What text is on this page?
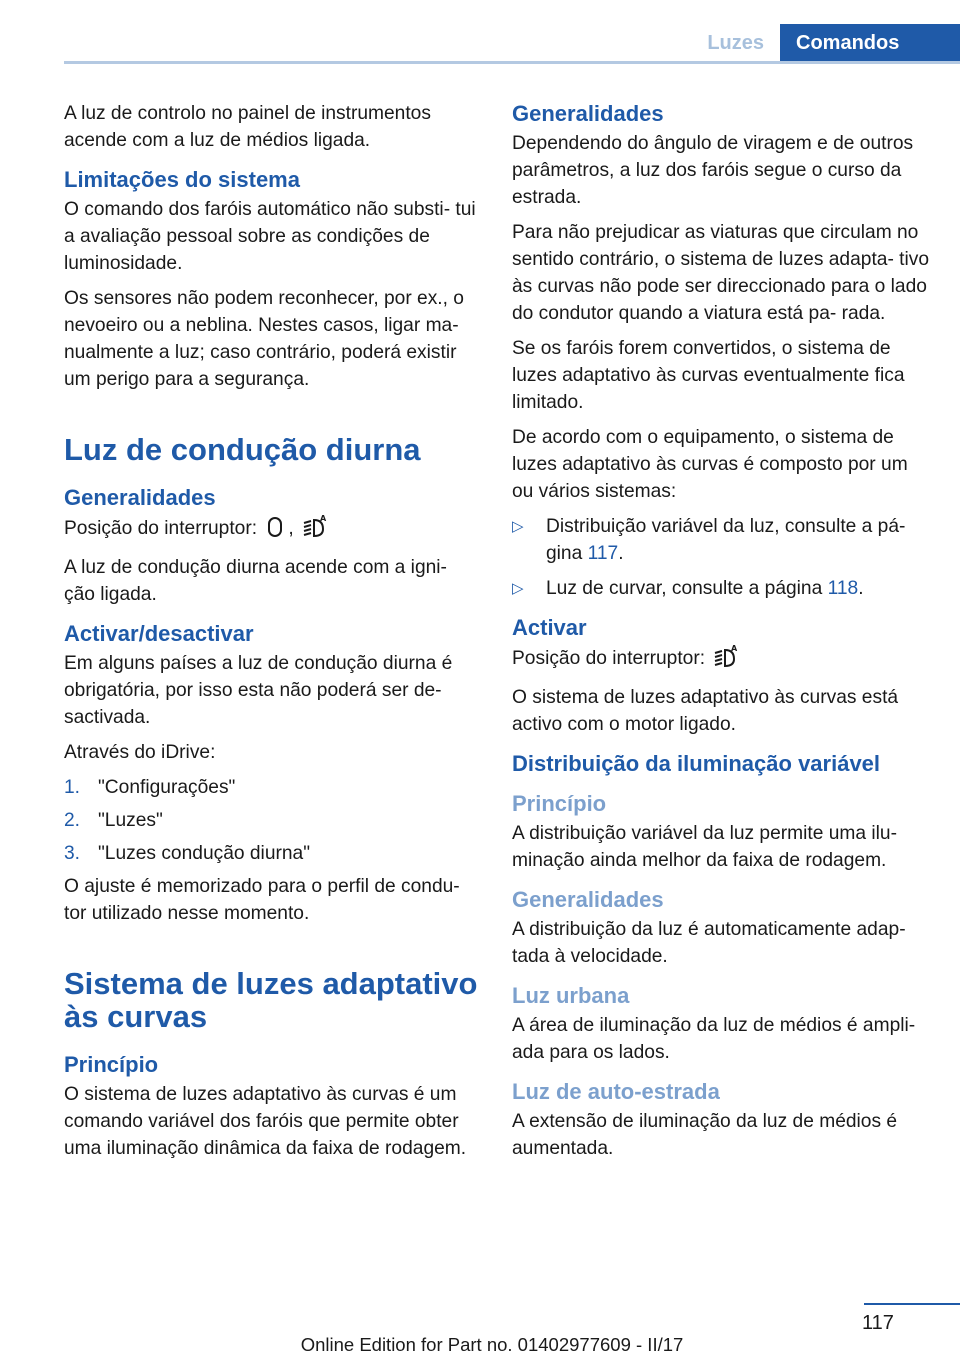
Luzes	Comandos

A luz de controlo no painel de instrumentos acende com a luz de médios ligada.

Limitações do sistema

O comando dos faróis automático não substi- tui a avaliação pessoal sobre as condições de luminosidade.

Os sensores não podem reconhecer, por ex., o nevoeiro ou a neblina. Nestes casos, ligar ma- nualmente a luz; caso contrário, poderá existir um perigo para a segurança.

Luz de condução diurna
Generalidades

Posição do interruptor: ,	A

A luz de condução diurna acende com a igni- ção ligada.

Activar/desactivar

Em alguns países a luz de condução diurna é obrigatória, por isso esta não poderá ser de- sactivada.

Através do iDrive:

1. "Configurações"
2. "Luzes"
3. "Luzes condução diurna"

O ajuste é memorizado para o perfil de condu- tor utilizado nesse momento.

Sistema de luzes adaptativo às curvas
Princípio

O sistema de luzes adaptativo às curvas é um comando variável dos faróis que permite obter uma iluminação dinâmica da faixa de rodagem.

Generalidades

Dependendo do ângulo de viragem e de outros parâmetros, a luz dos faróis segue o curso da estrada.

Para não prejudicar as viaturas que circulam no sentido contrário, o sistema de luzes adapta- tivo às curvas não pode ser direccionado para o lado do condutor quando a viatura está pa- rada.

Se os faróis forem convertidos, o sistema de luzes adaptativo às curvas eventualmente fica limitado.

De acordo com o equipamento, o sistema de luzes adaptativo às curvas é composto por um ou vários sistemas:

▷	Distribuição variável da luz, consulte a pá- gina 117.
▷	Luz de curvar, consulte a página 118.
Activar

Posição do interruptor:	A

O sistema de luzes adaptativo às curvas está activo com o motor ligado.

Distribuição da iluminação variável
Princípio

A distribuição variável da luz permite uma ilu- minação ainda melhor da faixa de rodagem.

Generalidades

A distribuição da luz é automaticamente adap- tada à velocidade.

Luz urbana

A área de iluminação da luz de médios é ampli- ada para os lados.

Luz de auto-estrada

A extensão de iluminação da luz de médios é aumentada.

117
Online Edition for Part no. 01402977609 - II/17
